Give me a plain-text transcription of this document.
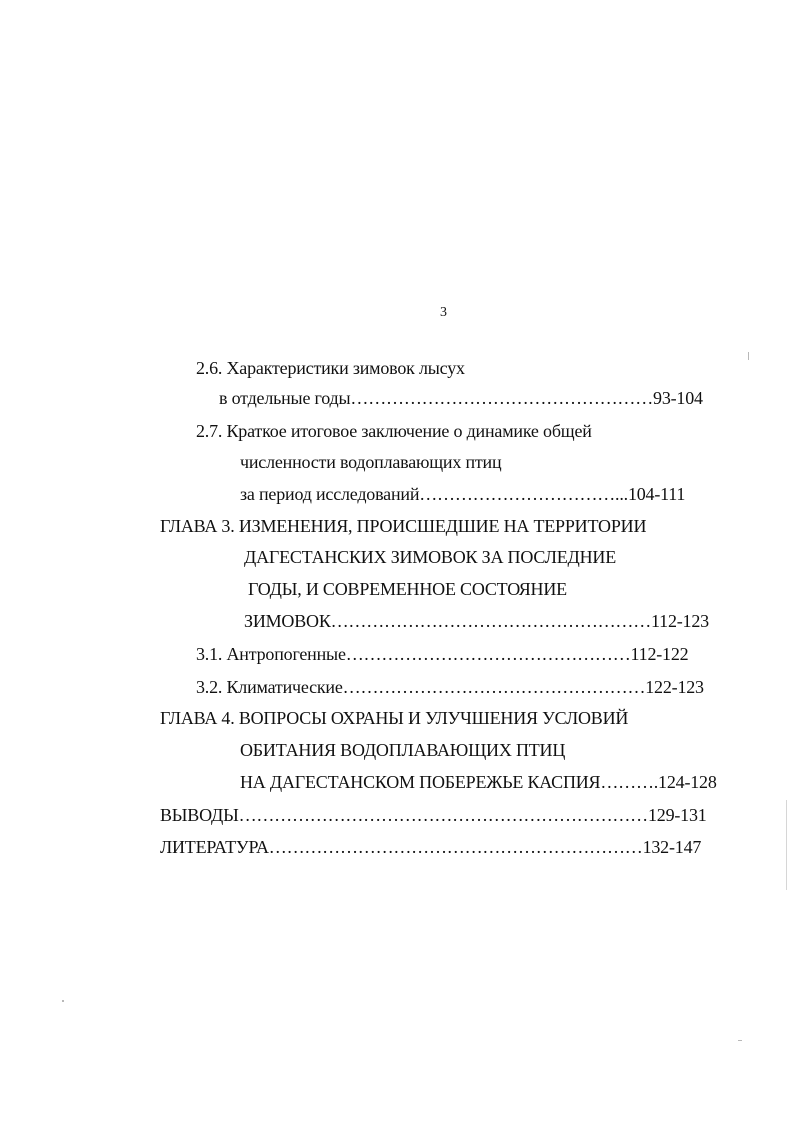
3
2.6. Характеристики зимовок лысух
в отдельные годы……………………………………………93-104
2.7. Краткое итоговое заключение о динамике общей
численности водоплавающих птиц
за период исследований……………………………...104-111
ГЛАВА 3. ИЗМЕНЕНИЯ, ПРОИСШЕДШИЕ НА ТЕРРИТОРИИ
ДАГЕСТАНСКИХ ЗИМОВОК ЗА ПОСЛЕДНИЕ
ГОДЫ, И СОВРЕМЕННОЕ СОСТОЯНИЕ
ЗИМОВОК………………………………………………112-123
3.1. Антропогенные…………………………………………112-122
3.2. Климатические……………………………………………122-123
ГЛАВА 4. ВОПРОСЫ ОХРАНЫ И УЛУЧШЕНИЯ УСЛОВИЙ
ОБИТАНИЯ ВОДОПЛАВАЮЩИХ ПТИЦ
НА ДАГЕСТАНСКОМ ПОБЕРЕЖЬЕ КАСПИЯ……….124-128
ВЫВОДЫ……………………………………………………………129-131
ЛИТЕРАТУРА………………………………………………………132-147
